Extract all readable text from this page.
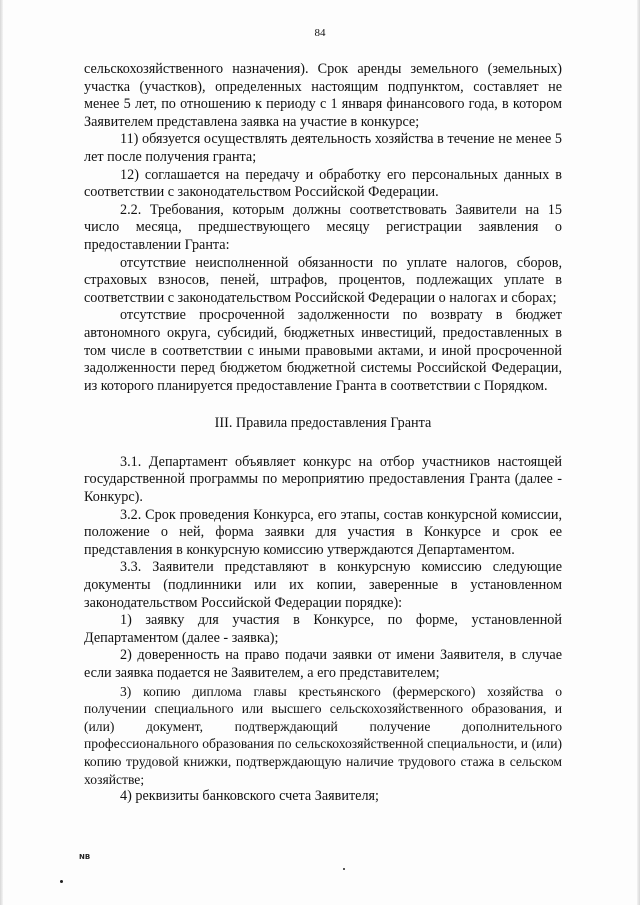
84

сельскохозяйственного назначения). Срок аренды земельного (земельных) участка (участков), определенных настоящим подпунктом, составляет не менее 5 лет, по отношению к периоду с 1 января финансового года, в котором Заявителем представлена заявка на участие в конкурсе;

11) обязуется осуществлять деятельность хозяйства в течение не менее 5 лет после получения гранта;

12) соглашается на передачу и обработку его персональных данных в соответствии с законодательством Российской Федерации.

2.2. Требования, которым должны соответствовать Заявители на 15 число месяца, предшествующего месяцу регистрации заявления о предоставлении Гранта:

отсутствие неисполненной обязанности по уплате налогов, сборов, страховых взносов, пеней, штрафов, процентов, подлежащих уплате в соответствии с законодательством Российской Федерации о налогах и сборах;

отсутствие просроченной задолженности по возврату в бюджет автономного округа, субсидий, бюджетных инвестиций, предоставленных в том числе в соответствии с иными правовыми актами, и иной просроченной задолженности перед бюджетом бюджетной системы Российской Федерации, из которого планируется предоставление Гранта в соответствии с Порядком.

III. Правила предоставления Гранта

3.1. Департамент объявляет конкурс на отбор участников настоящей государственной программы по мероприятию предоставления Гранта (далее - Конкурс).

3.2. Срок проведения Конкурса, его этапы, состав конкурсной комиссии, положение о ней, форма заявки для участия в Конкурсе и срок ее представления в конкурсную комиссию утверждаются Департаментом.

3.3. Заявители представляют в конкурсную комиссию следующие документы (подлинники или их копии, заверенные в установленном законодательством Российской Федерации порядке):

1) заявку для участия в Конкурсе, по форме, установленной Департаментом (далее - заявка);

2) доверенность на право подачи заявки от имени Заявителя, в случае если заявка подается не Заявителем, а его представителем;

3) копию диплома главы крестьянского (фермерского) хозяйства о получении специального или высшего сельскохозяйственного образования, и (или) документ, подтверждающий получение дополнительного профессионального образования по сельскохозяйственной специальности, и (или) копию трудовой книжки, подтверждающую наличие трудового стажа в сельском хозяйстве;

4) реквизиты банковского счета Заявителя;

NB
